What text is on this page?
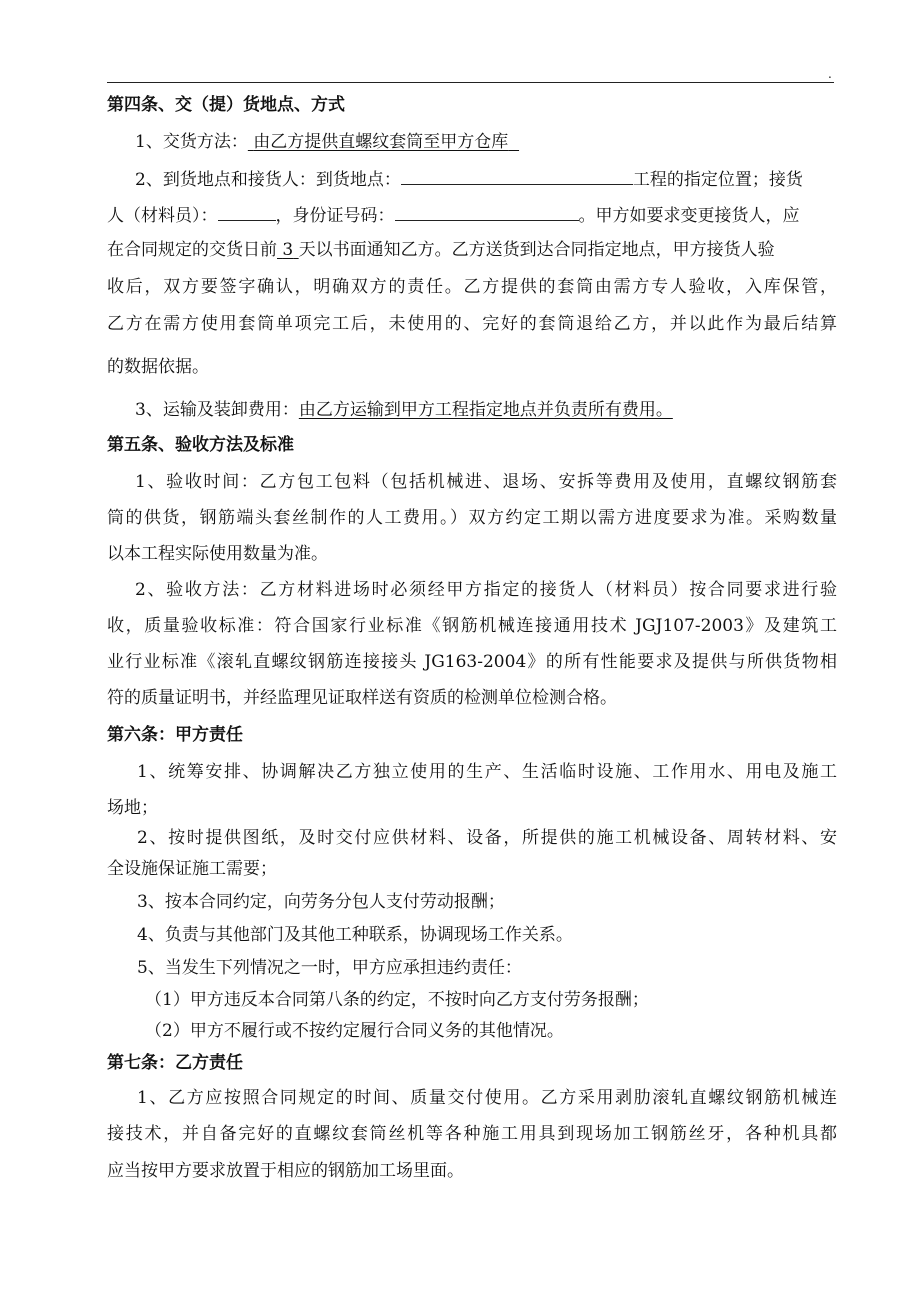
.
第四条、交（提）货地点、方式
1、交货方法： 由乙方提供直螺纹套筒至甲方仓库
2、到货地点和接货人：到货地点：	工程的指定位置；接货
人（材料员）：	，身份证号码：	。甲方如要求变更接货人，应
在合同规定的交货日前 3 天以书面通知乙方。乙方送货到达合同指定地点，甲方接货人验
收后，双方要签字确认，明确双方的责任。乙方提供的套筒由需方专人验收，入库保管，
乙方在需方使用套筒单项完工后，未使用的、完好的套筒退给乙方，并以此作为最后结算
的数据依据。
3、运输及装卸费用：由乙方运输到甲方工程指定地点并负责所有费用。
第五条、验收方法及标准
1、验收时间：乙方包工包料（包括机械进、退场、安拆等费用及使用，直螺纹钢筋套
筒的供货，钢筋端头套丝制作的人工费用。）双方约定工期以需方进度要求为准。采购数量
以本工程实际使用数量为准。
2、验收方法：乙方材料进场时必须经甲方指定的接货人（材料员）按合同要求进行验
收，质量验收标准：符合国家行业标准《钢筋机械连接通用技术 JGJ107-2003》及建筑工
业行业标准《滚轧直螺纹钢筋连接接头 JG163-2004》的所有性能要求及提供与所供货物相
符的质量证明书，并经监理见证取样送有资质的检测单位检测合格。
第六条：甲方责任
1、统筹安排、协调解决乙方独立使用的生产、生活临时设施、工作用水、用电及施工
场地；
2、按时提供图纸，及时交付应供材料、设备，所提供的施工机械设备、周转材料、安
全设施保证施工需要；
3、按本合同约定，向劳务分包人支付劳动报酬；
4、负责与其他部门及其他工种联系，协调现场工作关系。
5、当发生下列情况之一时，甲方应承担违约责任：
（1）甲方违反本合同第八条的约定，不按时向乙方支付劳务报酬；
（2）甲方不履行或不按约定履行合同义务的其他情况。
第七条：乙方责任
1、乙方应按照合同规定的时间、质量交付使用。乙方采用剥肋滚轧直螺纹钢筋机械连
接技术，并自备完好的直螺纹套筒丝机等各种施工用具到现场加工钢筋丝牙，各种机具都
应当按甲方要求放置于相应的钢筋加工场里面。
